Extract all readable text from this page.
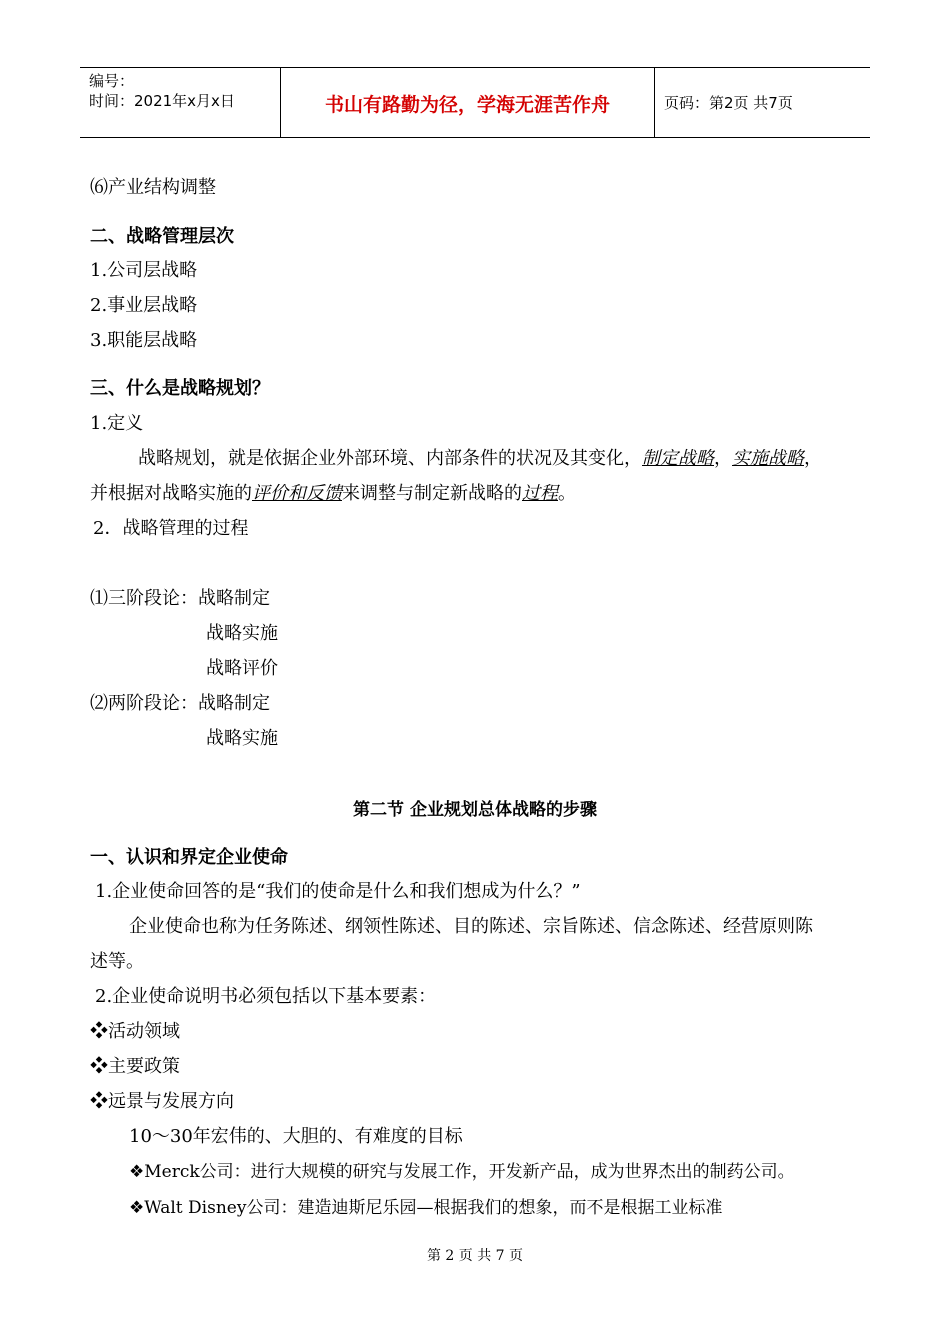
编号：
时间：2021年x月x日	书山有路勤为径，学海无涯苦作舟	页码：第2页 共7页
⑹产业结构调整
二、战略管理层次
1.公司层战略
2.事业层战略
3.职能层战略
三、什么是战略规划？
1.定义
战略规划，就是依据企业外部环境、内部条件的状况及其变化，制定战略，实施战略，
并根据对战略实施的评价和反馈来调整与制定新战略的过程。
2．战略管理的过程
⑴三阶段论：战略制定
战略实施
战略评价
⑵两阶段论：战略制定
战略实施
第二节 企业规划总体战略的步骤
一、认识和界定企业使命
1.企业使命回答的是“我们的使命是什么和我们想成为什么？”
企业使命也称为任务陈述、纲领性陈述、目的陈述、宗旨陈述、信念陈述、经营原则陈
述等。
2.企业使命说明书必须包括以下基本要素：
❖活动领域
❖主要政策
❖远景与发展方向
10～30年宏伟的、大胆的、有难度的目标
❖Merck公司：进行大规模的研究与发展工作，开发新产品，成为世界杰出的制药公司。
❖Walt Disney公司：建造迪斯尼乐园—根据我们的想象，而不是根据工业标准
第 2 页 共 7 页
